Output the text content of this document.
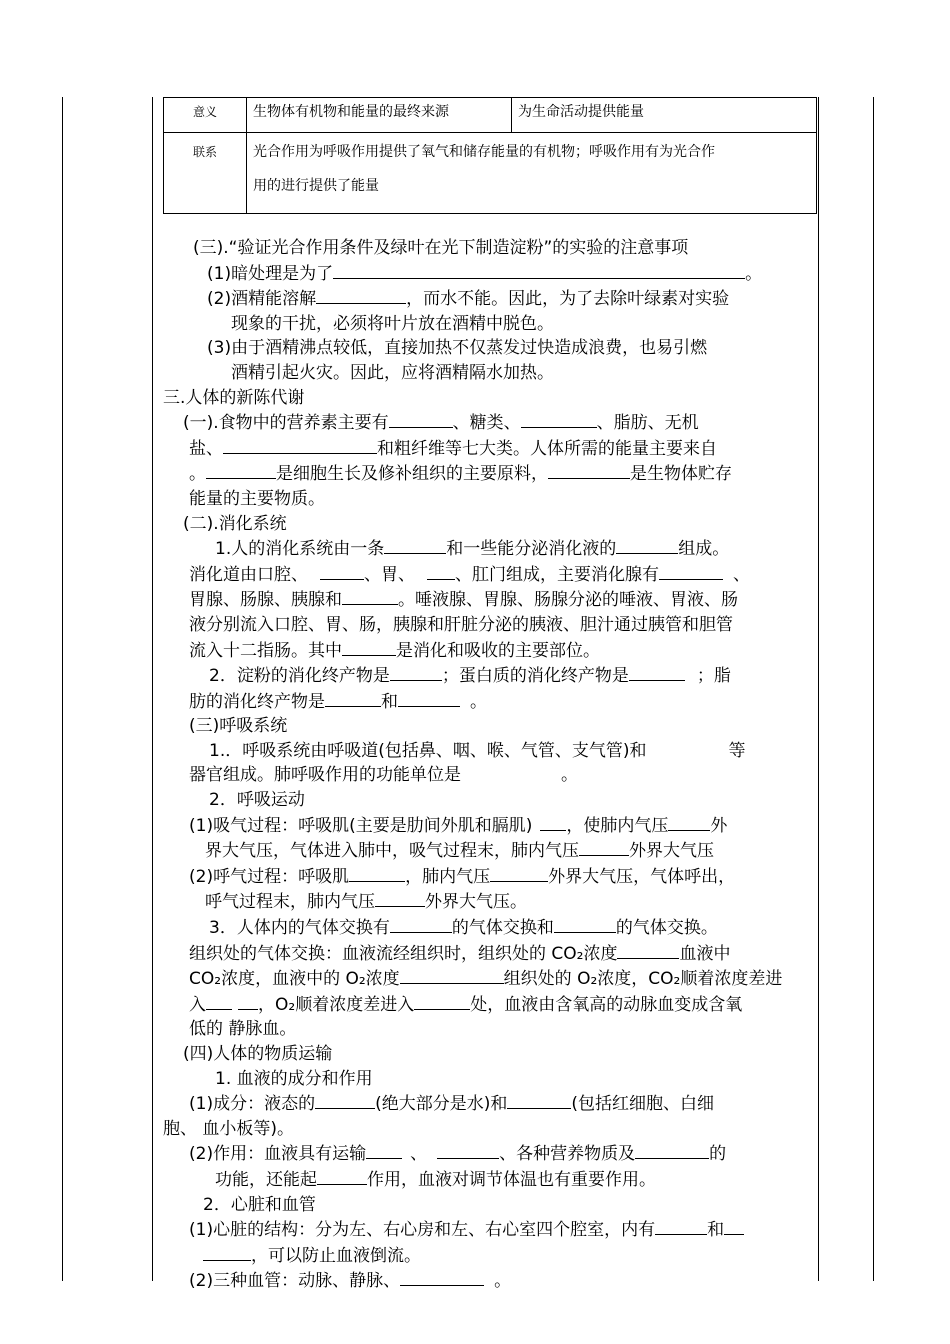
意义	生物体有机物和能量的最终来源	为生命活动提供能量
联系	光合作用为呼吸作用提供了氧气和储存能量的有机物；呼吸作用有为光合作
用的进行提供了能量	

(三).“验证光合作用条件及绿叶在光下制造淀粉”的实验的注意事项

(1)暗处理是为了	。

(2)酒精能溶解	，而水不能。因此，为了去除叶绿素对实验

现象的干扰，必须将叶片放在酒精中脱色。

(3)由于酒精沸点较低，直接加热不仅蒸发过快造成浪费，也易引燃

酒精引起火灾。因此，应将酒精隔水加热。

三.人体的新陈代谢

(一).食物中的营养素主要有	、糖类、	、脂肪、无机

盐、	和粗纤维等七大类。人体所需的能量主要来自

。	是细胞生长及修补组织的主要原料，	是生物体贮存

能量的主要物质。

(二).消化系统

1.人的消化系统由一条	和一些能分泌消化液的	组成。

消化道由口腔、	、胃、 、肛门组成，主要消化腺有	、

胃腺、肠腺、胰腺和	。唾液腺、胃腺、肠腺分泌的唾液、胃液、肠

液分别流入口腔、胃、肠，胰腺和肝脏分泌的胰液、胆汁通过胰管和胆管

流入十二指肠。其中	是消化和吸收的主要部位。

2．淀粉的消化终产物是	；蛋白质的消化终产物是	；脂

肪的消化终产物是	和	。

(三)呼吸系统

1.．呼吸系统由呼吸道(包括鼻、咽、喉、气管、支气管)和	等

器官组成。肺呼吸作用的功能单位是	。

2．呼吸运动

(1)吸气过程：呼吸肌(主要是肋间外肌和膈肌) ，使肺内气压 外

界大气压，气体进入肺中，吸气过程末，肺内气压	外界大气压

(2)呼气过程：呼吸肌	，肺内气压	外界大气压，气体呼出，

呼气过程末，肺内气压	外界大气压。

3．人体内的气体交换有	的气体交换和	的气体交换。

组织处的气体交换：血液流经组织时，组织处的 CO₂浓度	血液中

CO₂浓度，血液中的 O₂浓度	组织处的 O₂浓度，CO₂顺着浓度差进

入	，O₂顺着浓度差进入	处，血液由含氧高的动脉血变成含氧

低的 静脉血。

(四)人体的物质运输

1. 血液的成分和作用

(1)成分：液态的	(绝大部分是水)和	(包括红细胞、白细

胞、 血小板等)。

(2)作用：血液具有运输	、	、各种营养物质及	的

功能，还能起	作用，血液对调节体温也有重要作用。

2．心脏和血管

(1)心脏的结构：分为左、右心房和左、右心室四个腔室，内有	和

，可以防止血液倒流。

(2)三种血管：动脉、静脉、	。
